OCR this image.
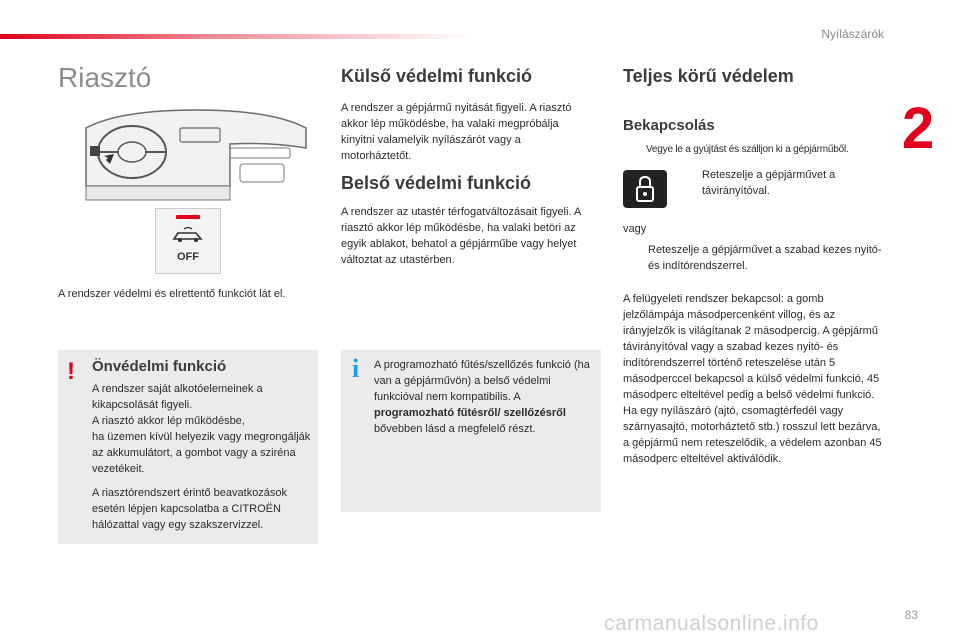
Nyílászárók
2
Riasztó
OFF
A rendszer védelmi és elrettentő funkciót lát el.
! Önvédelmi funkció

A rendszer saját alkotóelemeinek a kikapcsolását figyeli.

A riasztó akkor lép működésbe,

ha üzemen kívül helyezik vagy megrongálják az akkumulátort, a gombot vagy a sziréna vezetékeit.

A riasztórendszert érintő beavatkozások esetén lépjen kapcsolatba a CITROËN hálózattal vagy egy szakszervizzel.

Külső védelmi funkció
A rendszer a gépjármű nyitását figyeli. A riasztó akkor lép működésbe, ha valaki megpróbálja kinyitni valamelyik nyílászárót vagy a motorháztetőt.
Belső védelmi funkció
A rendszer az utastér térfogatváltozásait figyeli. A riasztó akkor lép működésbe, ha valaki betöri az egyik ablakot, behatol a gépjárműbe vagy helyet változtat az utastérben.
i A programozható fűtés/szellőzés funkció (ha van a gépjárművön) a belső védelmi funkcióval nem kompatibilis. A programozható fűtésről/ szellőzésről bővebben lásd a megfelelő részt.
Teljes körű védelem
Bekapcsolás
Vegye le a gyújtást és szálljon ki a gépjárműből.
Reteszelje a gépjárművet a távirányítóval.
vagy
Reteszelje a gépjárművet a szabad kezes nyitó- és indítórendszerrel.
A felügyeleti rendszer bekapcsol: a gomb jelzőlámpája másodpercenként villog, és az irányjelzők is világítanak 2 másodpercig. A gépjármű távirányítóval vagy a szabad kezes nyitó- és indítórendszerrel történő reteszelése után 5 másodperccel bekapcsol a külső védelmi funkció, 45 másodperc elteltével pedig a belső védelmi funkció. Ha egy nyílászáró (ajtó, csomagtérfedél vagy szárnyasajtó, motorháztető stb.) rosszul lett bezárva, a gépjármű nem reteszelődik, a védelem azonban 45 másodperc elteltével aktiválódik.
carmanualsonline.info	83
